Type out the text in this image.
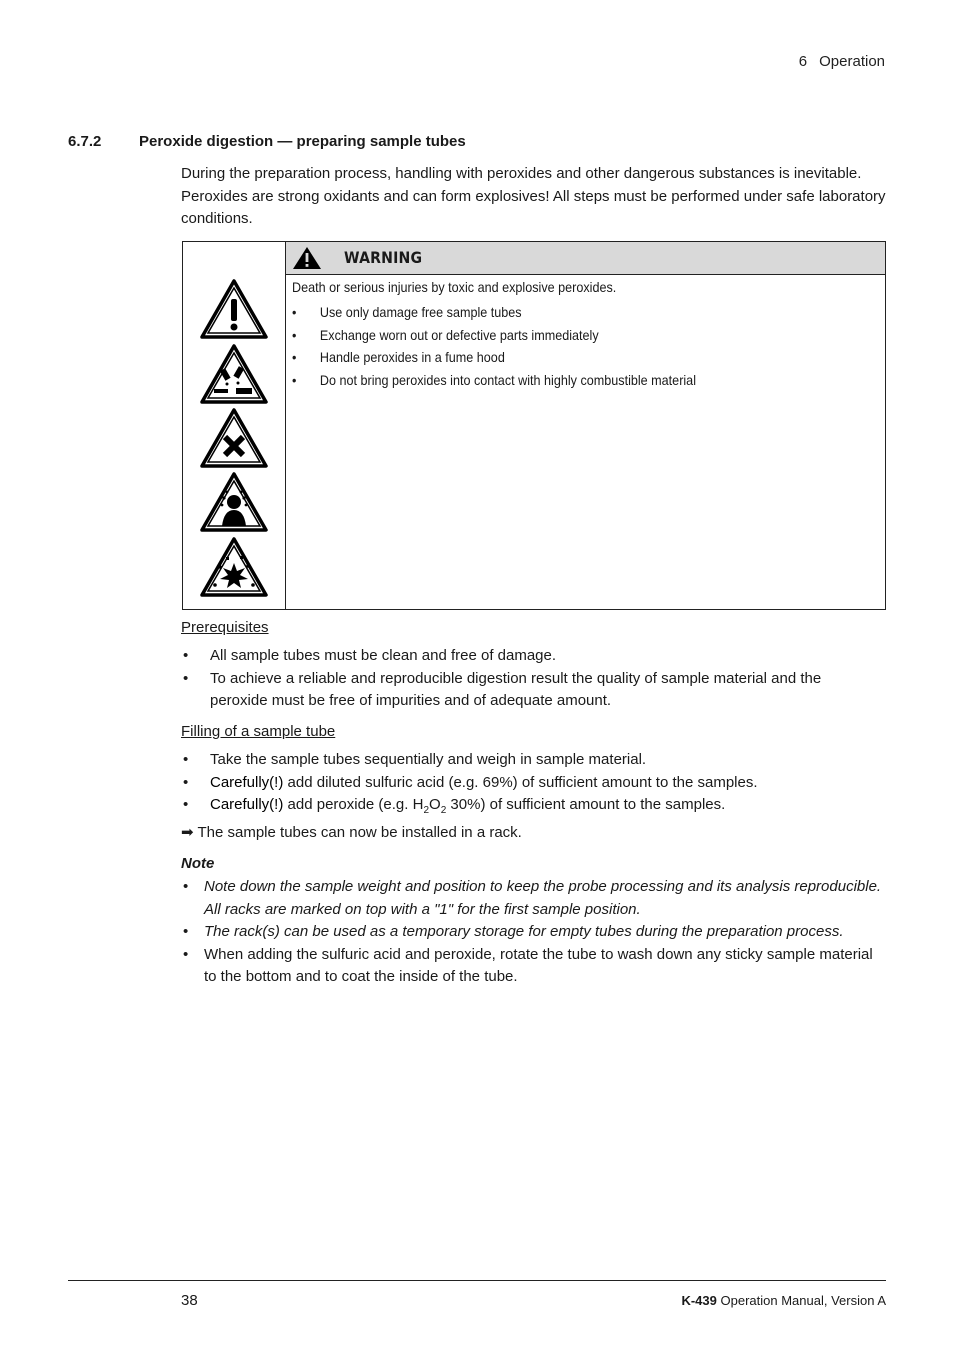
6 Operation
6.7.2	Peroxide digestion — preparing sample tubes
During the preparation process, handling with peroxides and other dangerous substances is inevitable. Peroxides are strong oxidants and can form explosives! All steps must be performed under safe laboratory conditions.
WARNING

Death or serious injuries by toxic and explosive peroxides.

• Use only damage free sample tubes
• Exchange worn out or defective parts immediately
• Handle peroxides in a fume hood
• Do not bring peroxides into contact with highly combustible material
Prerequisites
• All sample tubes must be clean and free of damage.
• To achieve a reliable and reproducible digestion result the quality of sample material and the peroxide must be free of impurities and of adequate amount.
Filling of a sample tube
• Take the sample tubes sequentially and weigh in sample material.
• Carefully(!) add diluted sulfuric acid (e.g. 69%) of sufficient amount to the samples.
• Carefully(!) add peroxide (e.g. $H_2O_2$ 30%) of sufficient amount to the samples.
➡ The sample tubes can now be installed in a rack.
Note
• Note down the sample weight and position to keep the probe processing and its analysis reproducible. All racks are marked on top with a "1" for the first sample position.
• The rack(s) can be used as a temporary storage for empty tubes during the preparation process.
• When adding the sulfuric acid and peroxide, rotate the tube to wash down any sticky sample material to the bottom and to coat the inside of the tube.
38	K-439 Operation Manual, Version A
